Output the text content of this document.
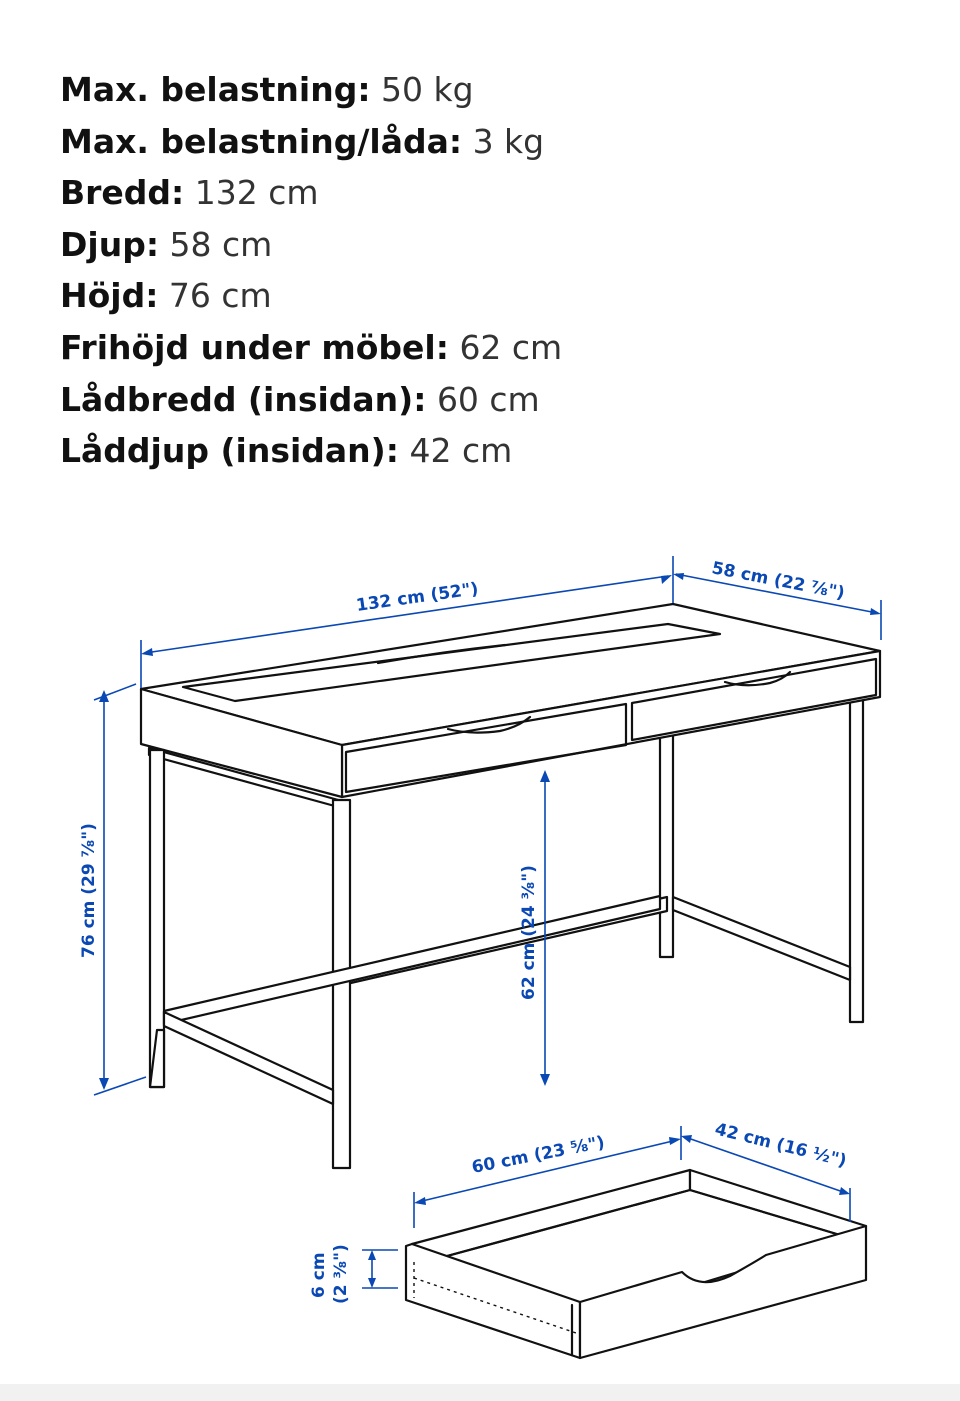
Max. belastning: 50 kg
Max. belastning/låda: 3 kg
Bredd: 132 cm
Djup: 58 cm
Höjd: 76 cm
Frihöjd under möbel: 62 cm
Lådbredd (insidan): 60 cm
Låddjup (insidan): 42 cm
132 cm (52")	58 cm (22 ⅞")
76 cm (29 ⅞")	62 cm (24 ⅜")
60 cm (23 ⅝")	42 cm (16 ½")
6 cm (2 ⅜")
